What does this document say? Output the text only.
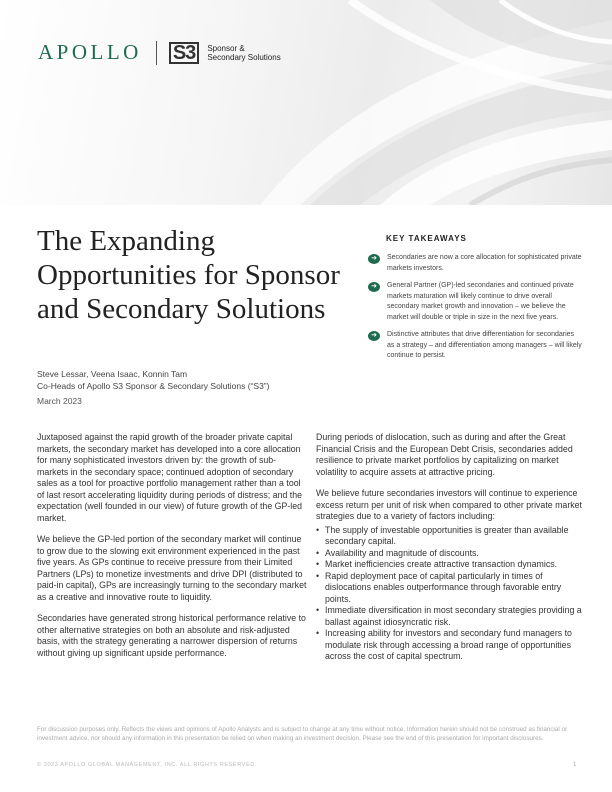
APOLLO S3	Sponsor &
Secondary Solutions
The Expanding Opportunities for Sponsor and Secondary Solutions
Steve Lessar, Veena Isaac, Konnin Tam
Co-Heads of Apollo S3 Sponsor & Secondary Solutions (“S3”)
March 2023
KEY TAKEAWAYS
➜	Secondaries are now a core allocation for sophisticated private markets investors.
➜	General Partner (GP)-led secondaries and continued private markets maturation will likely continue to drive overall secondary market growth and innovation – we believe the market will double or triple in size in the next five years.
➜	Distinctive attributes that drive differentiation for secondaries as a strategy – and differentiation among managers – will likely continue to persist.

Juxtaposed against the rapid growth of the broader private capital markets, the secondary market has developed into a core allocation for many sophisticated investors driven by: the growth of sub-markets in the secondary space; continued adoption of secondary sales as a tool for proactive portfolio management rather than a tool of last resort accelerating liquidity during periods of distress; and the expectation (well founded in our view) of future growth of the GP-led market.

We believe the GP-led portion of the secondary market will continue to grow due to the slowing exit environment experienced in the past five years. As GPs continue to receive pressure from their Limited Partners (LPs) to monetize investments and drive DPI (distributed to paid-in capital), GPs are increasingly turning to the secondary market as a creative and innovative route to liquidity.

Secondaries have generated strong historical performance relative to other alternative strategies on both an absolute and risk-adjusted basis, with the strategy generating a narrower dispersion of returns without giving up significant upside performance.

During periods of dislocation, such as during and after the Great Financial Crisis and the European Debt Crisis, secondaries added resilience to private market portfolios by capitalizing on market volatility to acquire assets at attractive pricing.

We believe future secondaries investors will continue to experience excess return per unit of risk when compared to other private market strategies due to a variety of factors including:

• The supply of investable opportunities is greater than available secondary capital.
• Availability and magnitude of discounts.
• Market inefficiencies create attractive transaction dynamics.
• Rapid deployment pace of capital particularly in times of dislocations enables outperformance through favorable entry points.
• Immediate diversification in most secondary strategies providing a ballast against idiosyncratic risk.
• Increasing ability for investors and secondary fund managers to modulate risk through accessing a broad range of opportunities across the cost of capital spectrum.
For discussion purposes only. Reflects the views and opinions of Apollo Analysts and is subject to change at any time without notice. Information herein should not be construed as financial or investment advice, nor should any information in this presentation be relied on when making an investment decision. Please see the end of this presentation for important disclosures.
© 2023 APOLLO GLOBAL MANAGEMENT, INC. ALL RIGHTS RESERVED.	1
